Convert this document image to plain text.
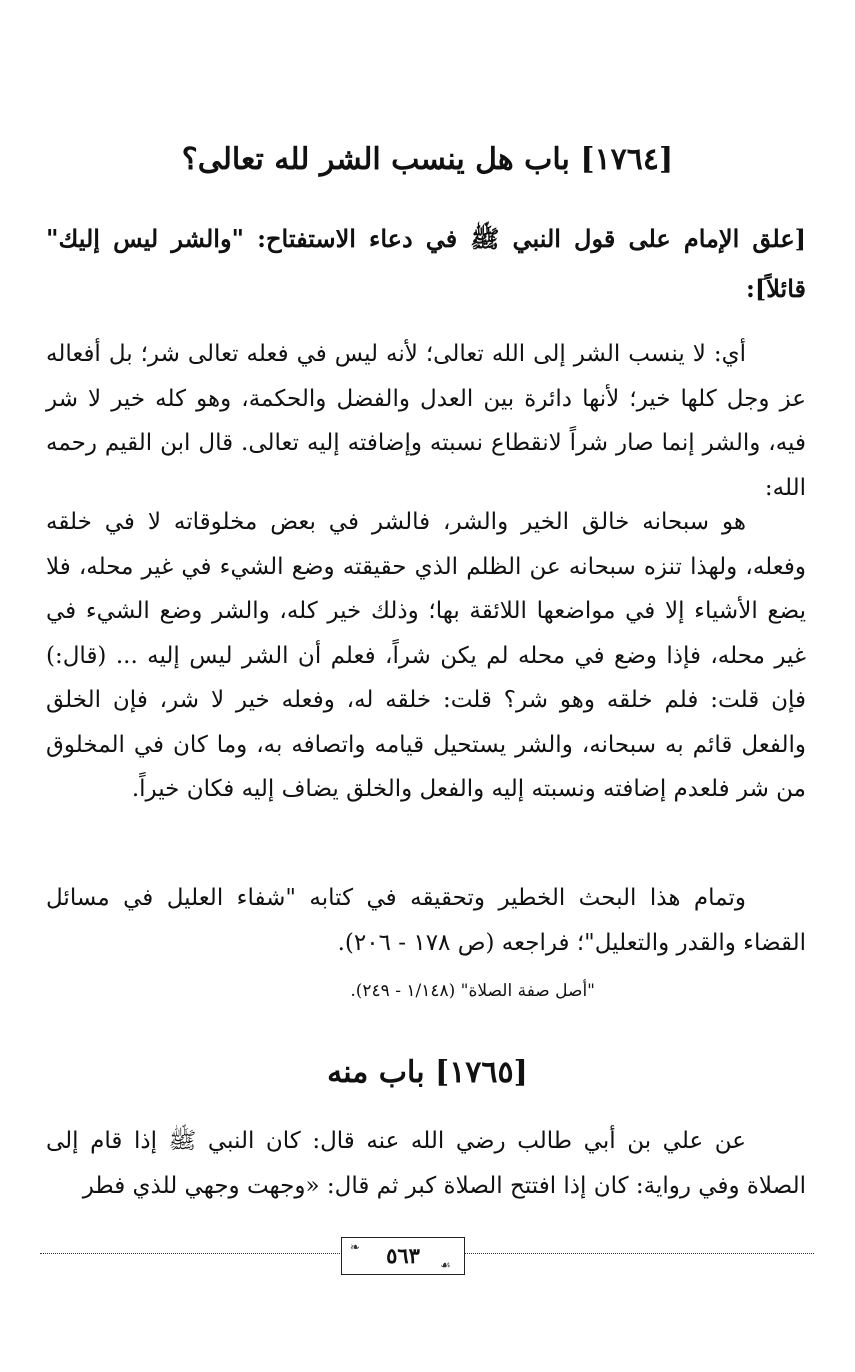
[١٧٦٤] باب هل ينسب الشر لله تعالى؟
[علق الإمام على قول النبي ﷺ في دعاء الاستفتاح: "والشر ليس إليك" قائلاً]:
أي: لا ينسب الشر إلى الله تعالى؛ لأنه ليس في فعله تعالى شر؛ بل أفعاله عز وجل كلها خير؛ لأنها دائرة بين العدل والفضل والحكمة، وهو كله خير لا شر فيه، والشر إنما صار شراً لانقطاع نسبته وإضافته إليه تعالى. قال ابن القيم رحمه الله:
هو سبحانه خالق الخير والشر، فالشر في بعض مخلوقاته لا في خلقه وفعله، ولهذا تنزه سبحانه عن الظلم الذي حقيقته وضع الشيء في غير محله، فلا يضع الأشياء إلا في مواضعها اللائقة بها؛ وذلك خير كله، والشر وضع الشيء في غير محله، فإذا وضع في محله لم يكن شراً، فعلم أن الشر ليس إليه ... (قال:) فإن قلت: فلم خلقه وهو شر؟ قلت: خلقه له، وفعله خير لا شر، فإن الخلق والفعل قائم به سبحانه، والشر يستحيل قيامه واتصافه به، وما كان في المخلوق من شر فلعدم إضافته ونسبته إليه والفعل والخلق يضاف إليه فكان خيراً.
وتمام هذا البحث الخطير وتحقيقه في كتابه "شفاء العليل في مسائل القضاء والقدر والتعليل"؛ فراجعه (ص ١٧٨ - ٢٠٦).
"أصل صفة الصلاة" (١/١٤٨ - ٢٤٩).
[١٧٦٥] باب منه
عن علي بن أبي طالب رضي الله عنه قال: كان النبي ﷺ إذا قام إلى الصلاة وفي رواية: كان إذا افتتح الصلاة كبر ثم قال: «وجهت وجهي للذي فطر
٥٦٣
❧
☙
